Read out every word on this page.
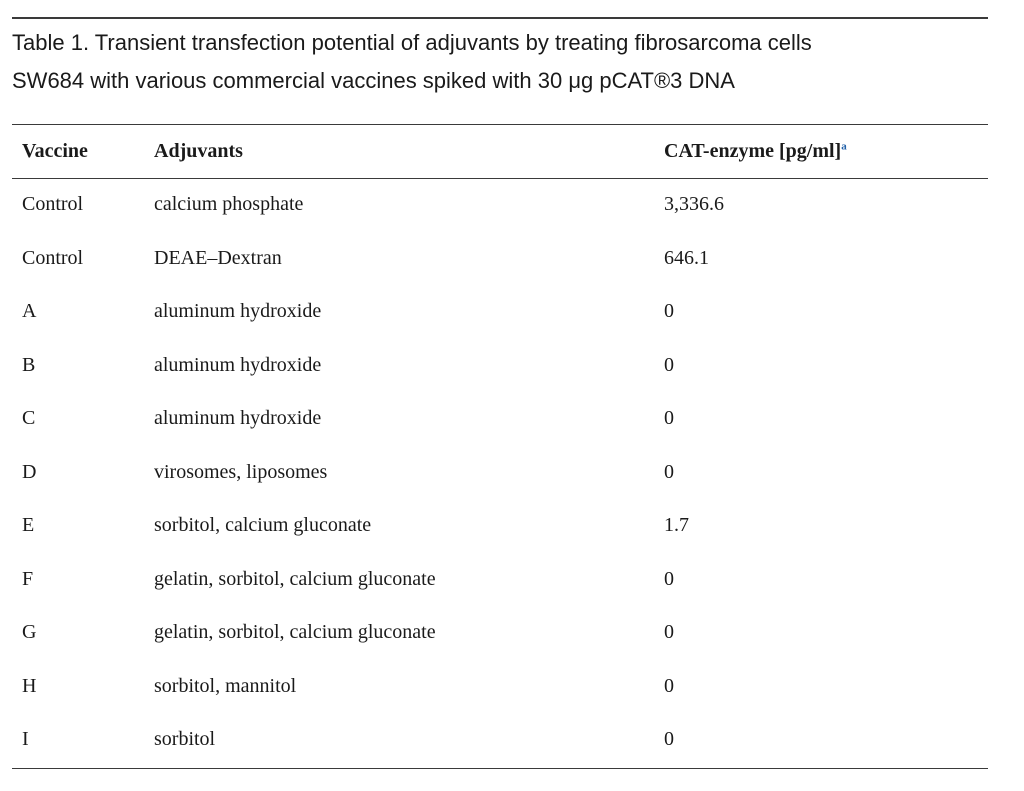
Table 1. Transient transfection potential of adjuvants by treating fibrosarcoma cells
SW684 with various commercial vaccines spiked with 30 μg pCAT®3 DNA

Vaccine	Adjuvants	CAT-enzyme [pg/ml]$^a$
Control	calcium phosphate	3,336.6
Control	DEAE–Dextran	646.1
A	aluminum hydroxide	0
B	aluminum hydroxide	0
C	aluminum hydroxide	0
D	virosomes, liposomes	0
E	sorbitol, calcium gluconate	1.7
F	gelatin, sorbitol, calcium gluconate	0
G	gelatin, sorbitol, calcium gluconate	0
H	sorbitol, mannitol	0
I	sorbitol	0
